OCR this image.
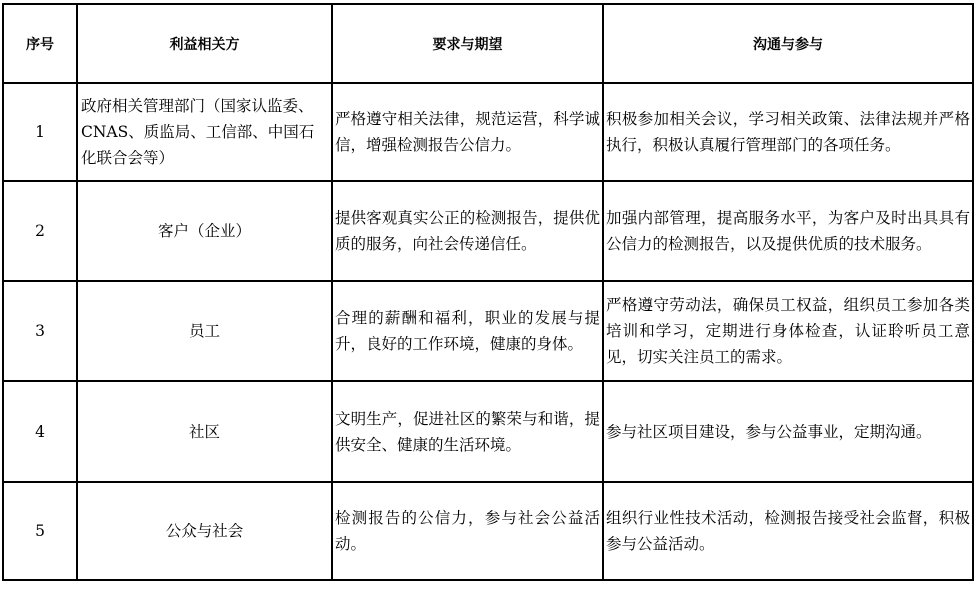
序号	利益相关方	要求与期望	沟通与参与
1	政府相关管理部门（国家认监委、CNAS、质监局、工信部、中国石化联合会等）	严格遵守相关法律，规范运营，科学诚信，增强检测报告公信力。	积极参加相关会议，学习相关政策、法律法规并严格执行，积极认真履行管理部门的各项任务。
2	客户（企业）	提供客观真实公正的检测报告，提供优质的服务，向社会传递信任。	加强内部管理，提高服务水平，为客户及时出具具有公信力的检测报告，以及提供优质的技术服务。
3	员工	合理的薪酬和福利，职业的发展与提升，良好的工作环境，健康的身体。	严格遵守劳动法，确保员工权益，组织员工参加各类培训和学习，定期进行身体检查，认证聆听员工意见，切实关注员工的需求。
4	社区	文明生产，促进社区的繁荣与和谐，提供安全、健康的生活环境。	参与社区项目建设，参与公益事业，定期沟通。
5	公众与社会	检测报告的公信力，参与社会公益活动。	组织行业性技术活动，检测报告接受社会监督，积极参与公益活动。
